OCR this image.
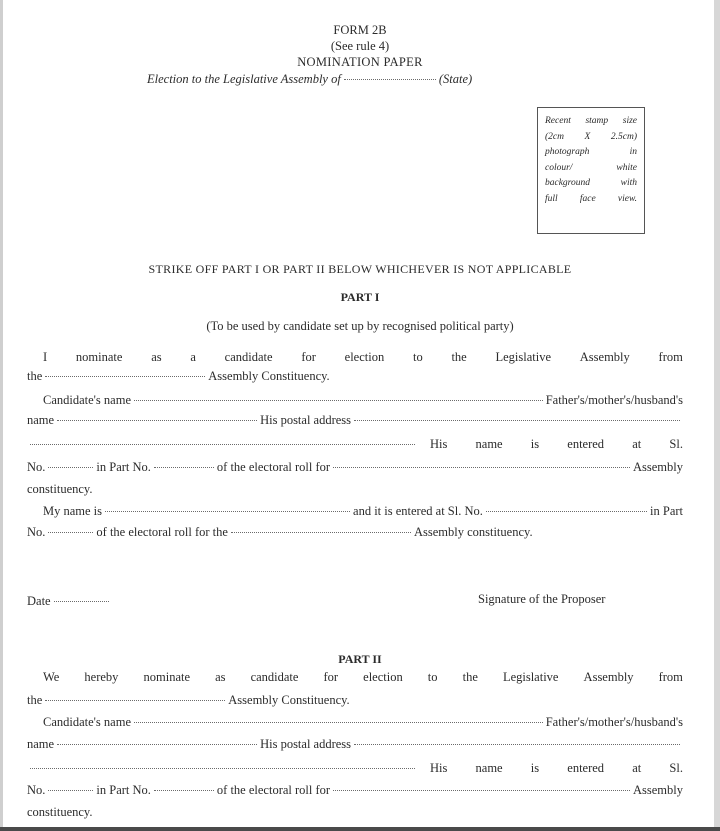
FORM 2B
(See rule 4)
NOMINATION PAPER
Election to the Legislative Assembly of	(State)
Recent stamp size
(2cm X 2.5cm)
photograph in
colour/ white
background with
full face view.
STRIKE OFF PART I OR PART II BELOW WHICHEVER IS NOT APPLICABLE
PART I
(To be used by candidate set up by recognised political party)
I nominate as a candidate for election to the Legislative Assembly from
the	Assembly Constituency.
Candidate's name	Father's/mother's/husband's
name	His postal address
His name is entered at Sl.
No.	in Part No.	of the electoral roll for	Assembly
constituency.
My name is	and it is entered at Sl. No.	in Part
No.	of the electoral roll for the	Assembly constituency.
Date	Signature of the Proposer
PART II
We hereby nominate as candidate for election to the Legislative Assembly from
the	Assembly Constituency.
Candidate's name	Father's/mother's/husband's
name	His postal address
His name is entered at Sl.
No.	in Part No.	of the electoral roll for	Assembly
constituency.
